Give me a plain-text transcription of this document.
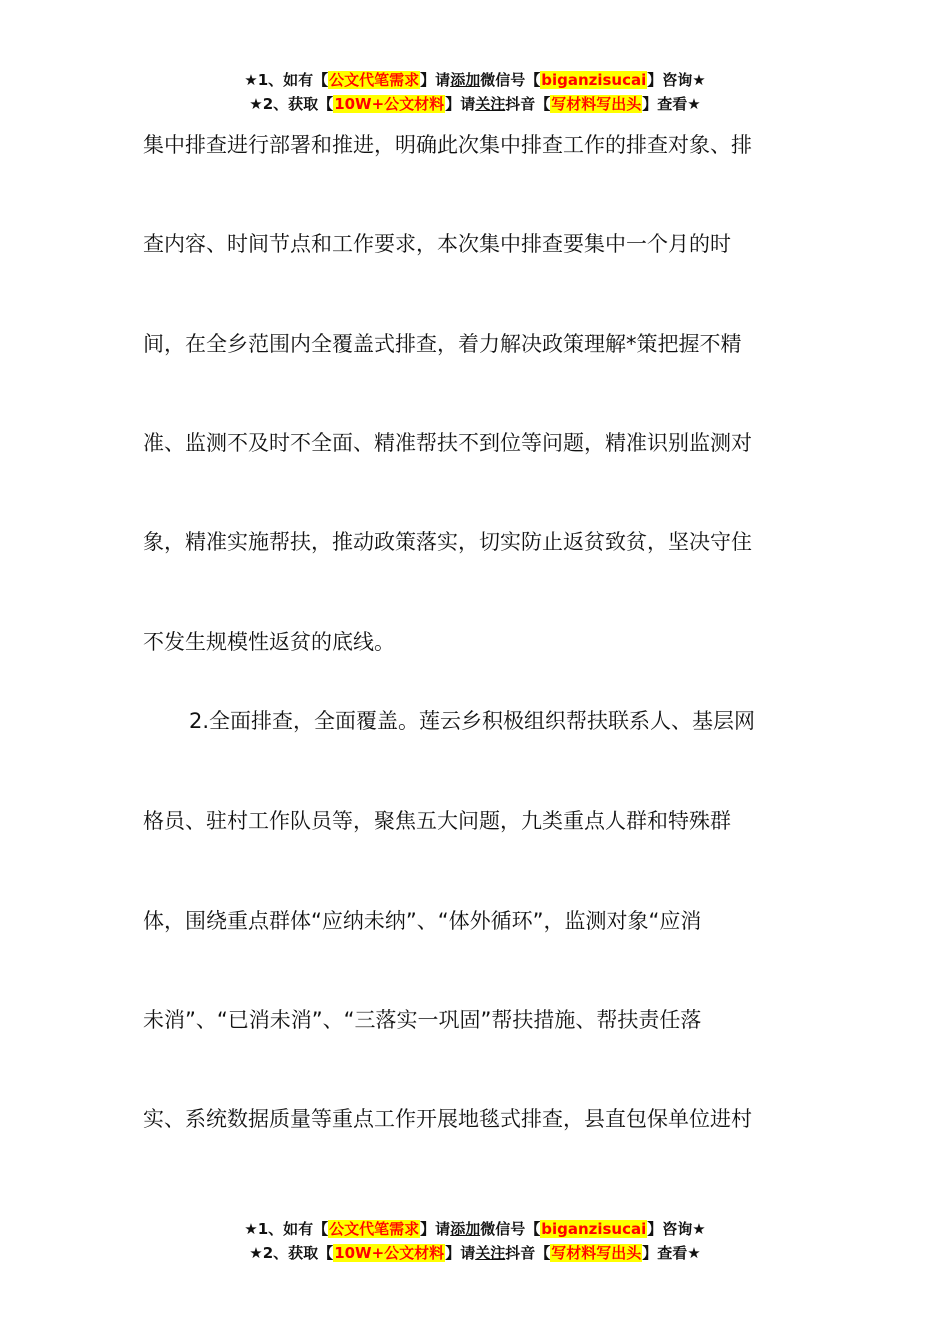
★1、如有【公文代笔需求】请添加微信号【biganzisucai】咨询★
★2、获取【10W+公文材料】请关注抖音【写材料写出头】查看★
集中排查进行部署和推进，明确此次集中排查工作的排查对象、排
查内容、时间节点和工作要求，本次集中排查要集中一个月的时
间，在全乡范围内全覆盖式排查，着力解决政策理解*策把握不精
准、监测不及时不全面、精准帮扶不到位等问题，精准识别监测对
象，精准实施帮扶，推动政策落实，切实防止返贫致贫，坚决守住
不发生规模性返贫的底线。
2.全面排查，全面覆盖。莲云乡积极组织帮扶联系人、基层网
格员、驻村工作队员等，聚焦五大问题，九类重点人群和特殊群
体，围绕重点群体“应纳未纳”、“体外循环”，监测对象“应消
未消”、“已消未消”、“三落实一巩固”帮扶措施、帮扶责任落
实、系统数据质量等重点工作开展地毯式排查，县直包保单位进村
★1、如有【公文代笔需求】请添加微信号【biganzisucai】咨询★
★2、获取【10W+公文材料】请关注抖音【写材料写出头】查看★
